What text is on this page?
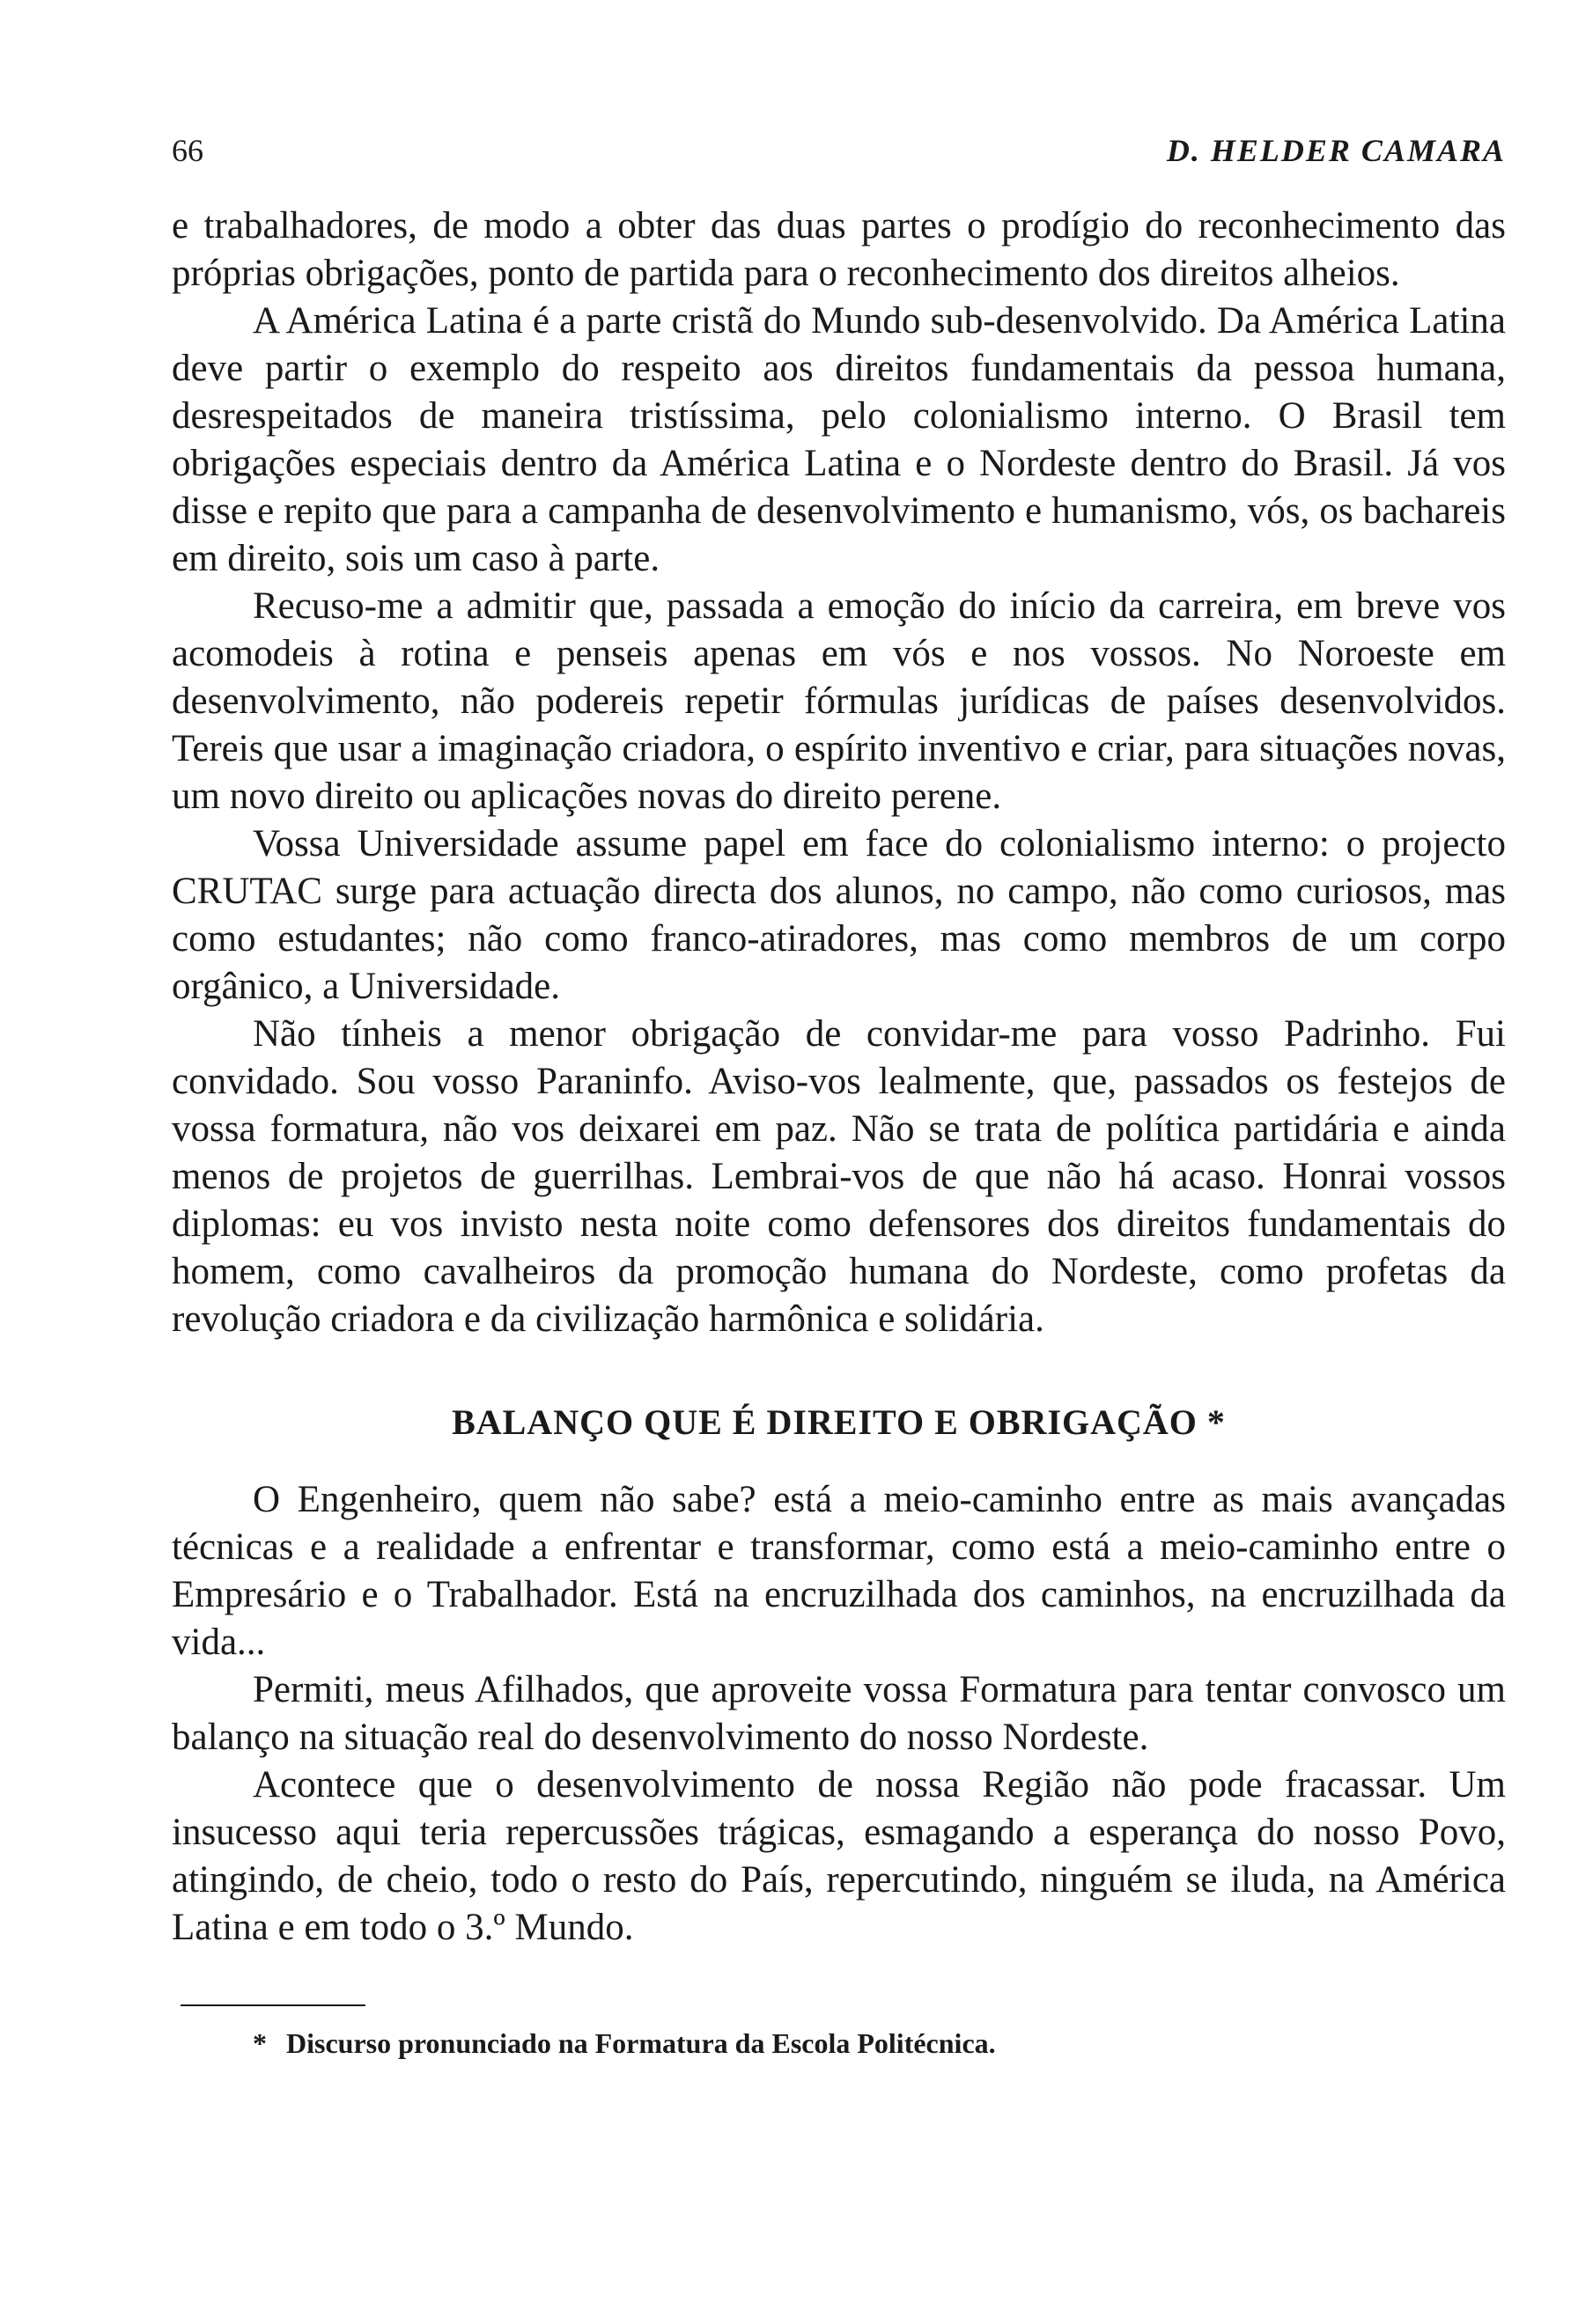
66	D. HELDER CAMARA

e trabalhadores, de modo a obter das duas partes o prodígio do reconhecimento das próprias obrigações, ponto de partida para o reconhecimento dos direitos alheios.

A América Latina é a parte cristã do Mundo sub-desenvolvido. Da América Latina deve partir o exemplo do respeito aos direitos fundamentais da pessoa humana, desrespeitados de maneira tristíssima, pelo colonialismo interno. O Brasil tem obrigações especiais dentro da América Latina e o Nordeste dentro do Brasil. Já vos disse e repito que para a campanha de desenvolvimento e humanismo, vós, os bachareis em direito, sois um caso à parte.

Recuso-me a admitir que, passada a emoção do início da carreira, em breve vos acomodeis à rotina e penseis apenas em vós e nos vossos. No Noroeste em desenvolvimento, não podereis repetir fórmulas jurídicas de países desenvolvidos. Tereis que usar a imaginação criadora, o espírito inventivo e criar, para situações novas, um novo direito ou aplicações novas do direito perene.

Vossa Universidade assume papel em face do colonialismo interno: o projecto CRUTAC surge para actuação directa dos alunos, no campo, não como curiosos, mas como estudantes; não como franco-atiradores, mas como membros de um corpo orgânico, a Universidade.

Não tínheis a menor obrigação de convidar-me para vosso Padrinho. Fui convidado. Sou vosso Paraninfo. Aviso-vos lealmente, que, passados os festejos de vossa formatura, não vos deixarei em paz. Não se trata de política partidária e ainda menos de projetos de guerrilhas. Lembrai-vos de que não há acaso. Honrai vossos diplomas: eu vos invisto nesta noite como defensores dos direitos fundamentais do homem, como cavalheiros da promoção humana do Nordeste, como profetas da revolução criadora e da civilização harmônica e solidária.

BALANÇO QUE É DIREITO E OBRIGAÇÃO *

O Engenheiro, quem não sabe? está a meio-caminho entre as mais avançadas técnicas e a realidade a enfrentar e transformar, como está a meio-caminho entre o Empresário e o Trabalhador. Está na encruzilhada dos caminhos, na encruzilhada da vida...

Permiti, meus Afilhados, que aproveite vossa Formatura para tentar convosco um balanço na situação real do desenvolvimento do nosso Nordeste.

Acontece que o desenvolvimento de nossa Região não pode fracassar. Um insucesso aqui teria repercussões trágicas, esmagando a esperança do nosso Povo, atingindo, de cheio, todo o resto do País, repercutindo, ninguém se iluda, na América Latina e em todo o 3.º Mundo.

* Discurso pronunciado na Formatura da Escola Politécnica.
